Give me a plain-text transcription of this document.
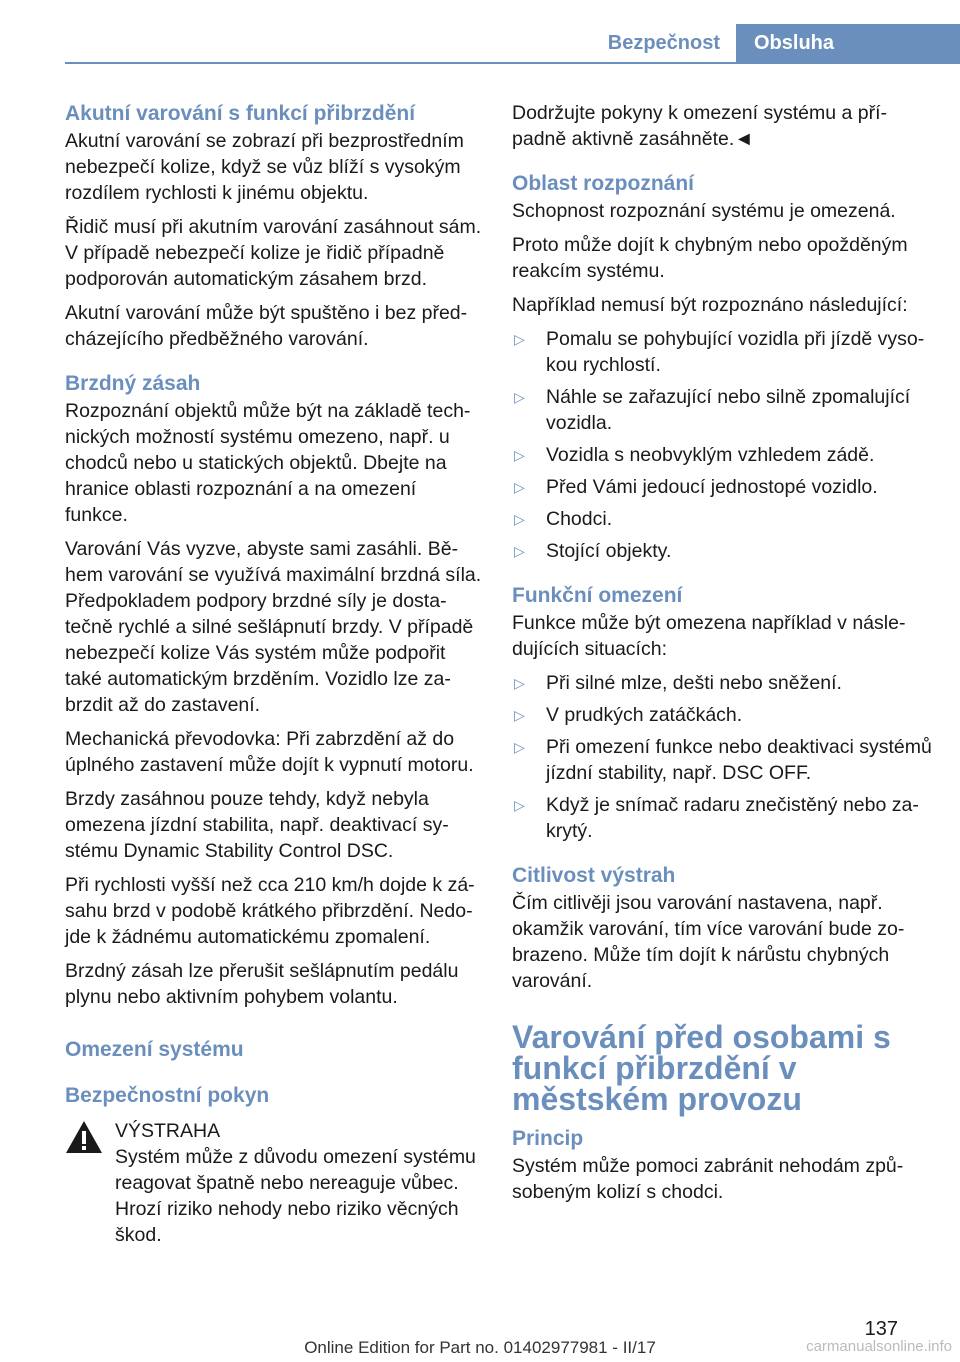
Bezpečnost	Obsluha
Akutní varování s funkcí přibrzdění

Akutní varování se zobrazí při bezprostředním nebezpečí kolize, když se vůz blíží s vysokým rozdílem rychlosti k jinému objektu.

Řidič musí při akutním varování zasáhnout sám. V případě nebezpečí kolize je řidič případně podporován automatickým zásahem brzd.

Akutní varování může být spuštěno i bez předcházejícího předběžného varování.

Brzdný zásah

Rozpoznání objektů může být na základě technických možností systému omezeno, např. u chodců nebo u statických objektů. Dbejte na hranice oblasti rozpoznání a na omezení funkce.

Varování Vás vyzve, abyste sami zasáhli. Během varování se využívá maximální brzdná síla. Předpokladem podpory brzdné síly je dostatečně rychlé a silné sešlápnutí brzdy. V případě nebezpečí kolize Vás systém může podpořit také automatickým brzděním. Vozidlo lze zabrzdit až do zastavení.

Mechanická převodovka: Při zabrzdění až do úplného zastavení může dojít k vypnutí motoru.

Brzdy zasáhnou pouze tehdy, když nebyla omezena jízdní stabilita, např. deaktivací systému Dynamic Stability Control DSC.

Při rychlosti vyšší než cca 210 km/h dojde k zásahu brzd v podobě krátkého přibrzdění. Nedojde k žádnému automatickému zpomalení.

Brzdný zásah lze přerušit sešlápnutím pedálu plynu nebo aktivním pohybem volantu.

Omezení systému
Bezpečnostní pokyn
VÝSTRAHA
Systém může z důvodu omezení systému reagovat špatně nebo nereaguje vůbec. Hrozí riziko nehody nebo riziko věcných škod.

Dodržujte pokyny k omezení systému a případně aktivně zasáhněte.◄

Oblast rozpoznání

Schopnost rozpoznání systému je omezená.

Proto může dojít k chybným nebo opožděným reakcím systému.

Například nemusí být rozpoznáno následující:

▷ Pomalu se pohybující vozidla při jízdě vysokou rychlostí.
▷ Náhle se zařazující nebo silně zpomalující vozidla.
▷ Vozidla s neobvyklým vzhledem zádě.
▷ Před Vámi jedoucí jednostopé vozidlo.
▷ Chodci.
▷ Stojící objekty.
Funkční omezení

Funkce může být omezena například v následujících situacích:

▷ Při silné mlze, dešti nebo sněžení.
▷ V prudkých zatáčkách.
▷ Při omezení funkce nebo deaktivaci systémů jízdní stability, např. DSC OFF.
▷ Když je snímač radaru znečistěný nebo zakrytý.
Citlivost výstrah

Čím citlivěji jsou varování nastavena, např. okamžik varování, tím více varování bude zobrazeno. Může tím dojít k nárůstu chybných varování.

Varování před osobami s funkcí přibrzdění v městském provozu
Princip

Systém může pomoci zabránit nehodám způsobeným kolizí s chodci.

137
Online Edition for Part no. 01402977981 - II/17	carmanualsonline.info
